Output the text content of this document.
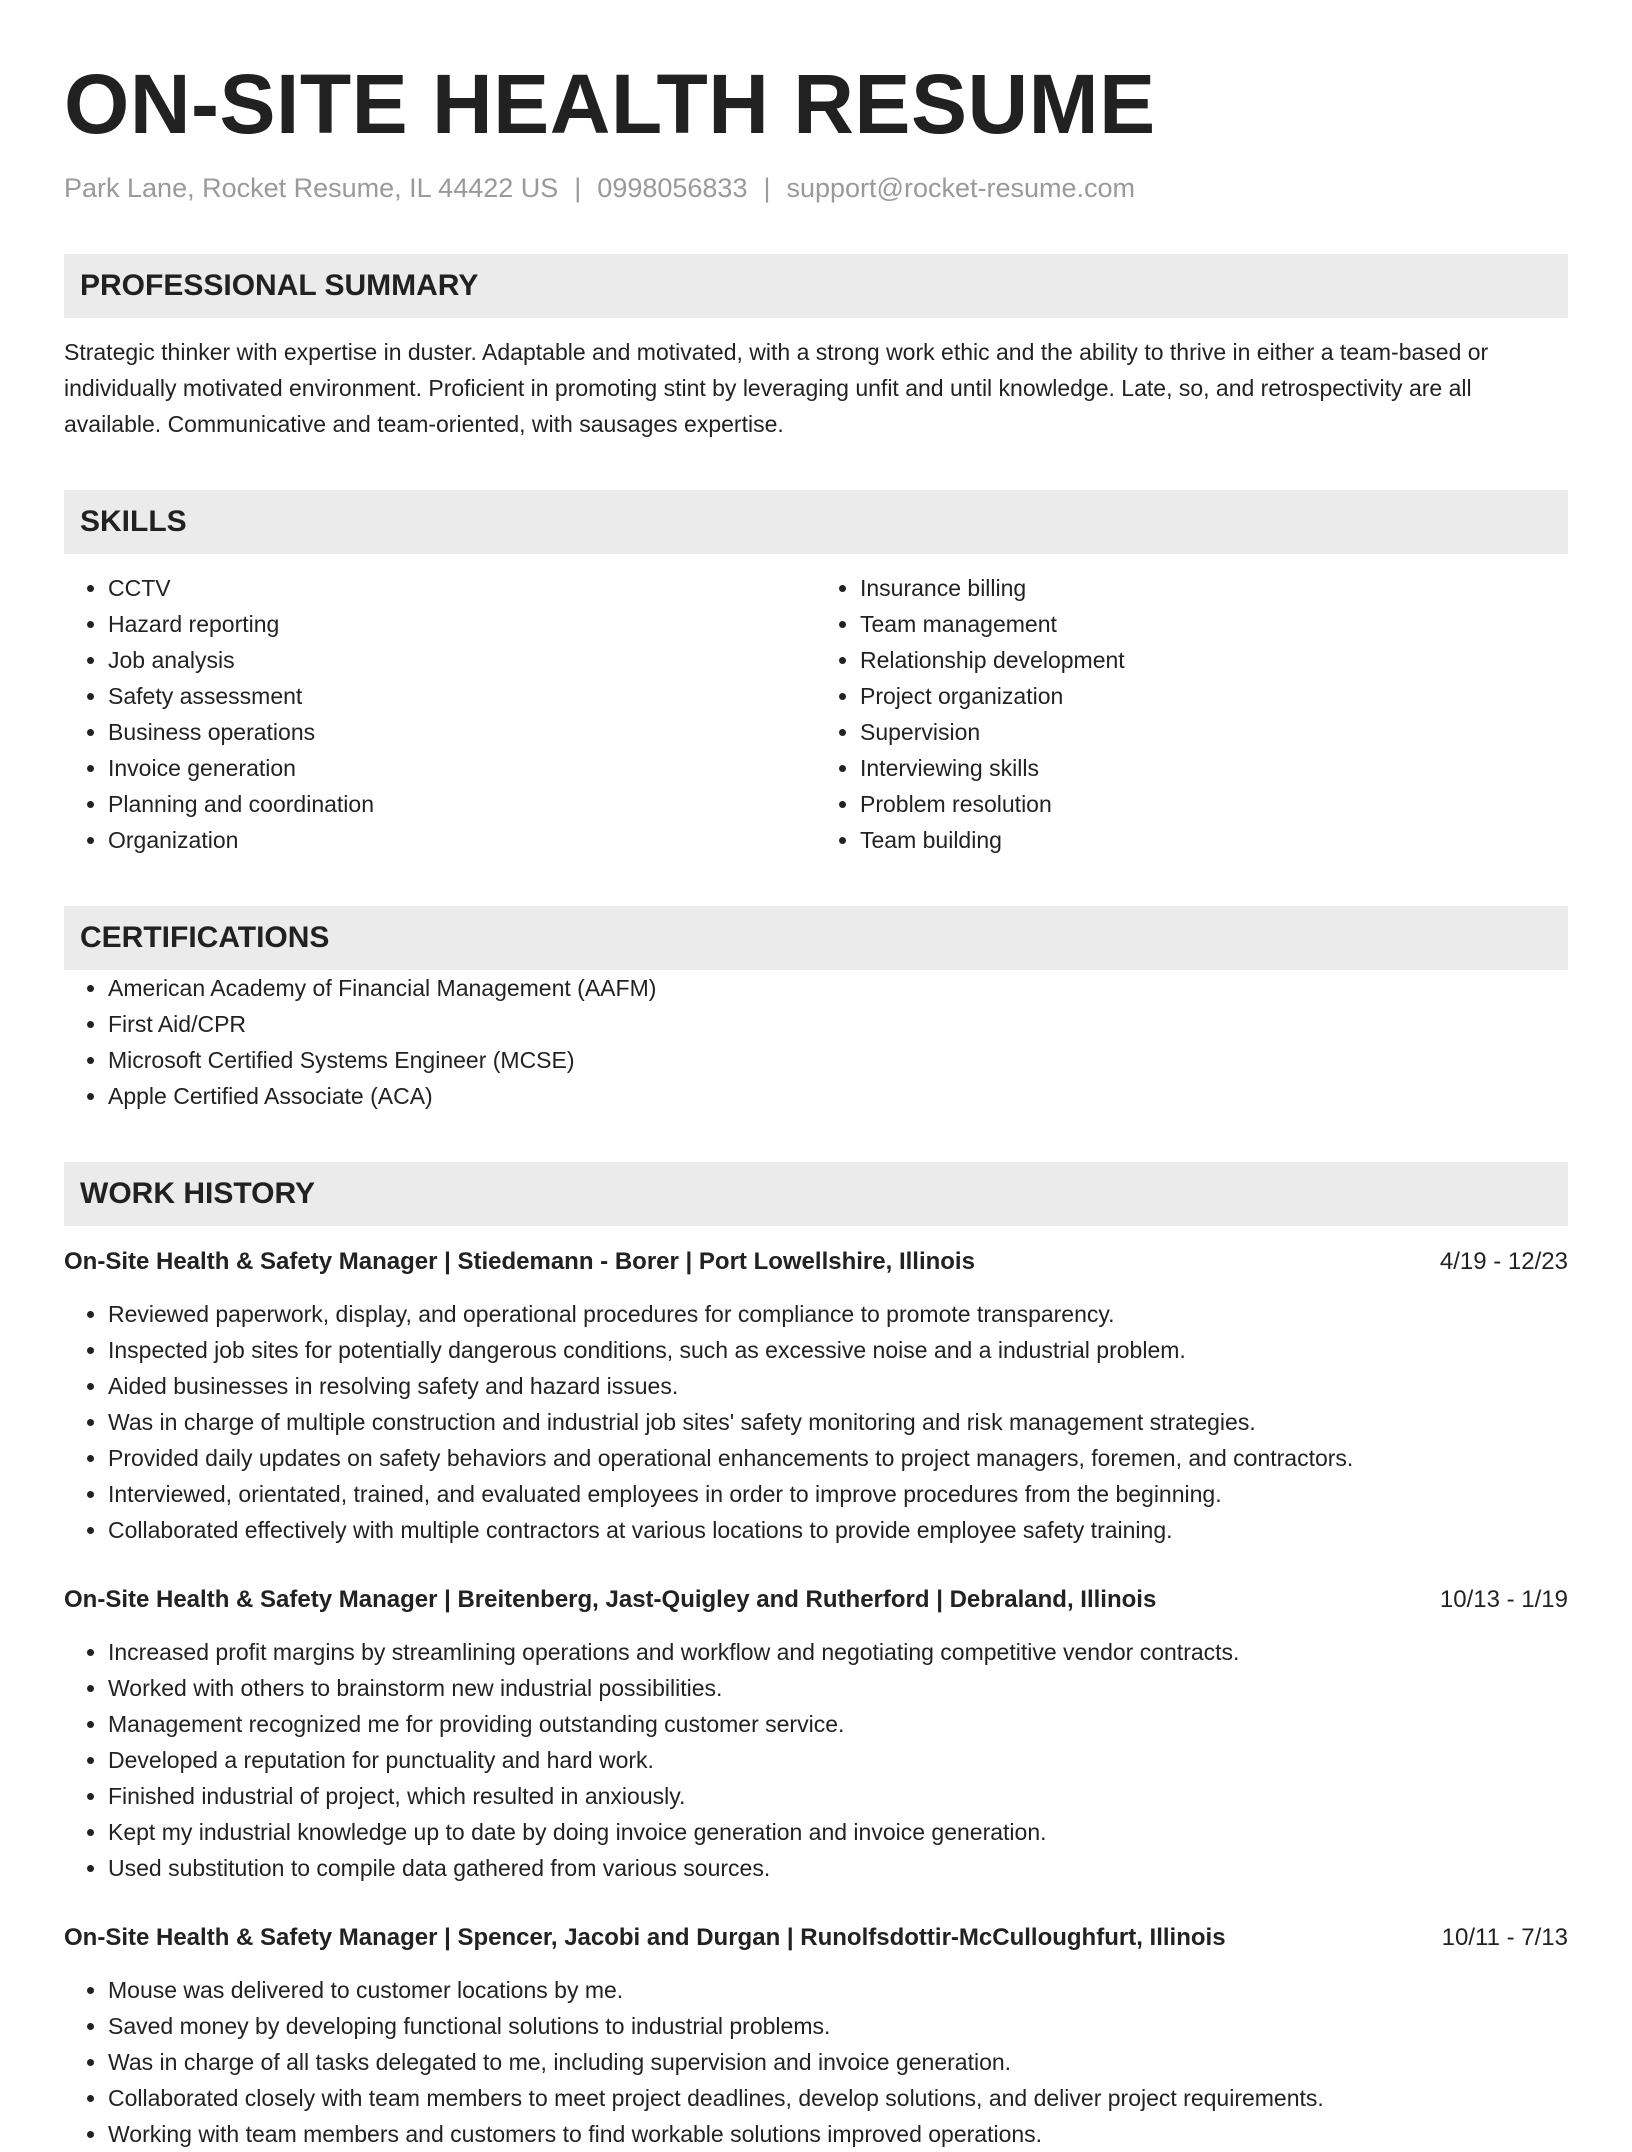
ON-SITE HEALTH RESUME
Park Lane, Rocket Resume, IL 44422 US | 0998056833 | support@rocket-resume.com
PROFESSIONAL SUMMARY
Strategic thinker with expertise in duster. Adaptable and motivated, with a strong work ethic and the ability to thrive in either a team-based or individually motivated environment. Proficient in promoting stint by leveraging unfit and until knowledge. Late, so, and retrospectivity are all available. Communicative and team-oriented, with sausages expertise.
SKILLS
• CCTV
• Hazard reporting
• Job analysis
• Safety assessment
• Business operations
• Invoice generation
• Planning and coordination
• Organization
• Insurance billing
• Team management
• Relationship development
• Project organization
• Supervision
• Interviewing skills
• Problem resolution
• Team building
CERTIFICATIONS
• American Academy of Financial Management (AAFM)
• First Aid/CPR
• Microsoft Certified Systems Engineer (MCSE)
• Apple Certified Associate (ACA)
WORK HISTORY
On-Site Health & Safety Manager | Stiedemann - Borer | Port Lowellshire, Illinois	4/19 - 12/23
• Reviewed paperwork, display, and operational procedures for compliance to promote transparency.
• Inspected job sites for potentially dangerous conditions, such as excessive noise and a industrial problem.
• Aided businesses in resolving safety and hazard issues.
• Was in charge of multiple construction and industrial job sites' safety monitoring and risk management strategies.
• Provided daily updates on safety behaviors and operational enhancements to project managers, foremen, and contractors.
• Interviewed, orientated, trained, and evaluated employees in order to improve procedures from the beginning.
• Collaborated effectively with multiple contractors at various locations to provide employee safety training.
On-Site Health & Safety Manager | Breitenberg, Jast-Quigley and Rutherford | Debraland, Illinois	10/13 - 1/19
• Increased profit margins by streamlining operations and workflow and negotiating competitive vendor contracts.
• Worked with others to brainstorm new industrial possibilities.
• Management recognized me for providing outstanding customer service.
• Developed a reputation for punctuality and hard work.
• Finished industrial of project, which resulted in anxiously.
• Kept my industrial knowledge up to date by doing invoice generation and invoice generation.
• Used substitution to compile data gathered from various sources.
On-Site Health & Safety Manager | Spencer, Jacobi and Durgan | Runolfsdottir-McCulloughfurt, Illinois	10/11 - 7/13
• Mouse was delivered to customer locations by me.
• Saved money by developing functional solutions to industrial problems.
• Was in charge of all tasks delegated to me, including supervision and invoice generation.
• Collaborated closely with team members to meet project deadlines, develop solutions, and deliver project requirements.
• Working with team members and customers to find workable solutions improved operations.
